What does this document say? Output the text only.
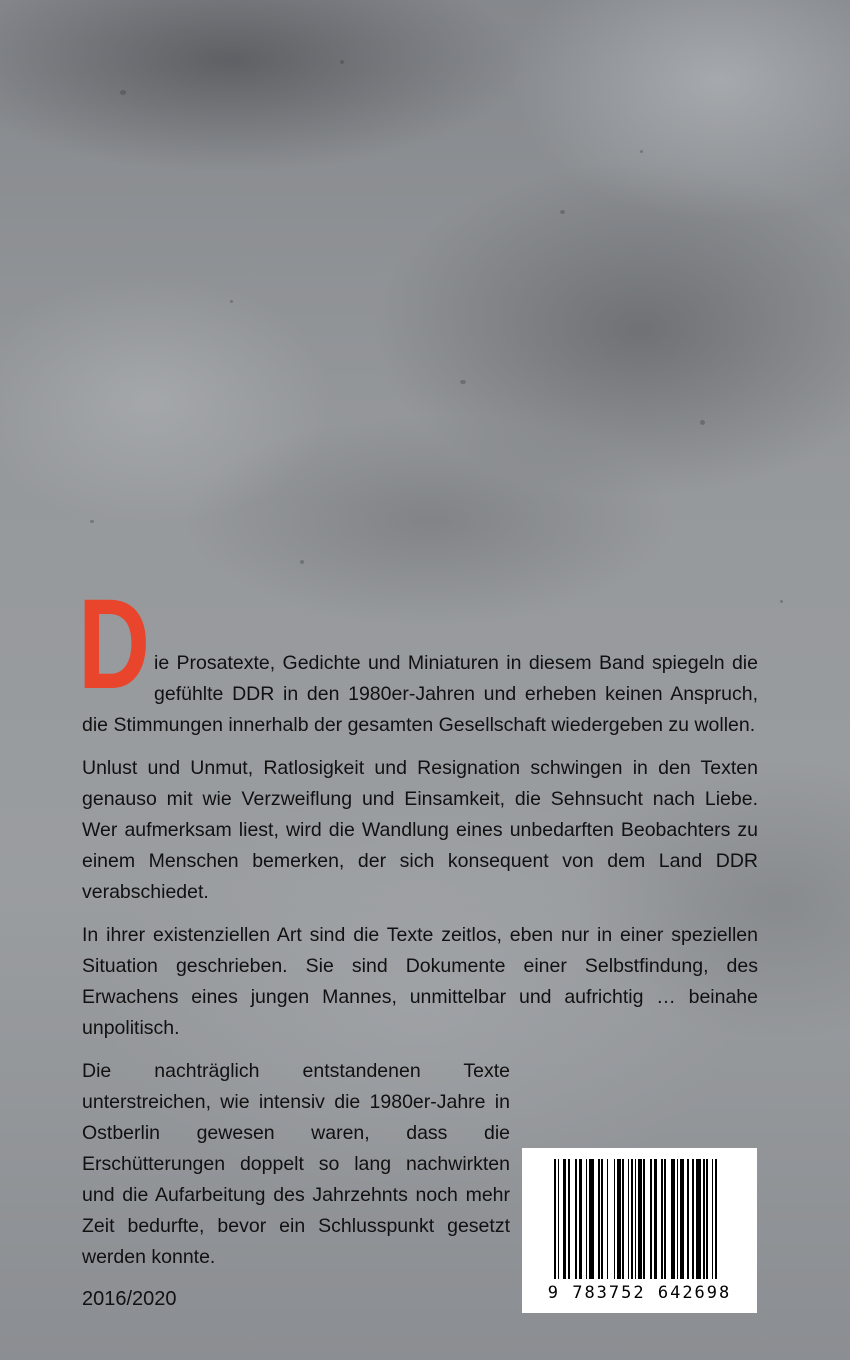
D ie Prosatexte, Gedichte und Miniaturen in diesem Band spiegeln die gefühlte DDR in den 1980er-Jahren und erheben keinen Anspruch, die Stimmungen innerhalb der gesamten Gesellschaft wiedergeben zu wollen.

Unlust und Unmut, Ratlosigkeit und Resignation schwingen in den Texten genauso mit wie Verzweiflung und Einsamkeit, die Sehnsucht nach Liebe. Wer aufmerksam liest, wird die Wandlung eines unbedarften Beobachters zu einem Menschen bemerken, der sich konsequent von dem Land DDR verabschiedet.

In ihrer existenziellen Art sind die Texte zeitlos, eben nur in einer speziellen Situation geschrieben. Sie sind Dokumente einer Selbstfindung, des Erwachens eines jungen Mannes, unmittelbar und aufrichtig … beinahe unpolitisch.

Die nachträglich entstandenen Texte unterstreichen, wie intensiv die 1980er-Jahre in Ostberlin gewesen waren, dass die Erschütterungen doppelt so lang nachwirkten und die Aufarbeitung des Jahrzehnts noch mehr Zeit bedurfte, bevor ein Schlusspunkt gesetzt werden konnte.

2016/2020	9 783752 642698
